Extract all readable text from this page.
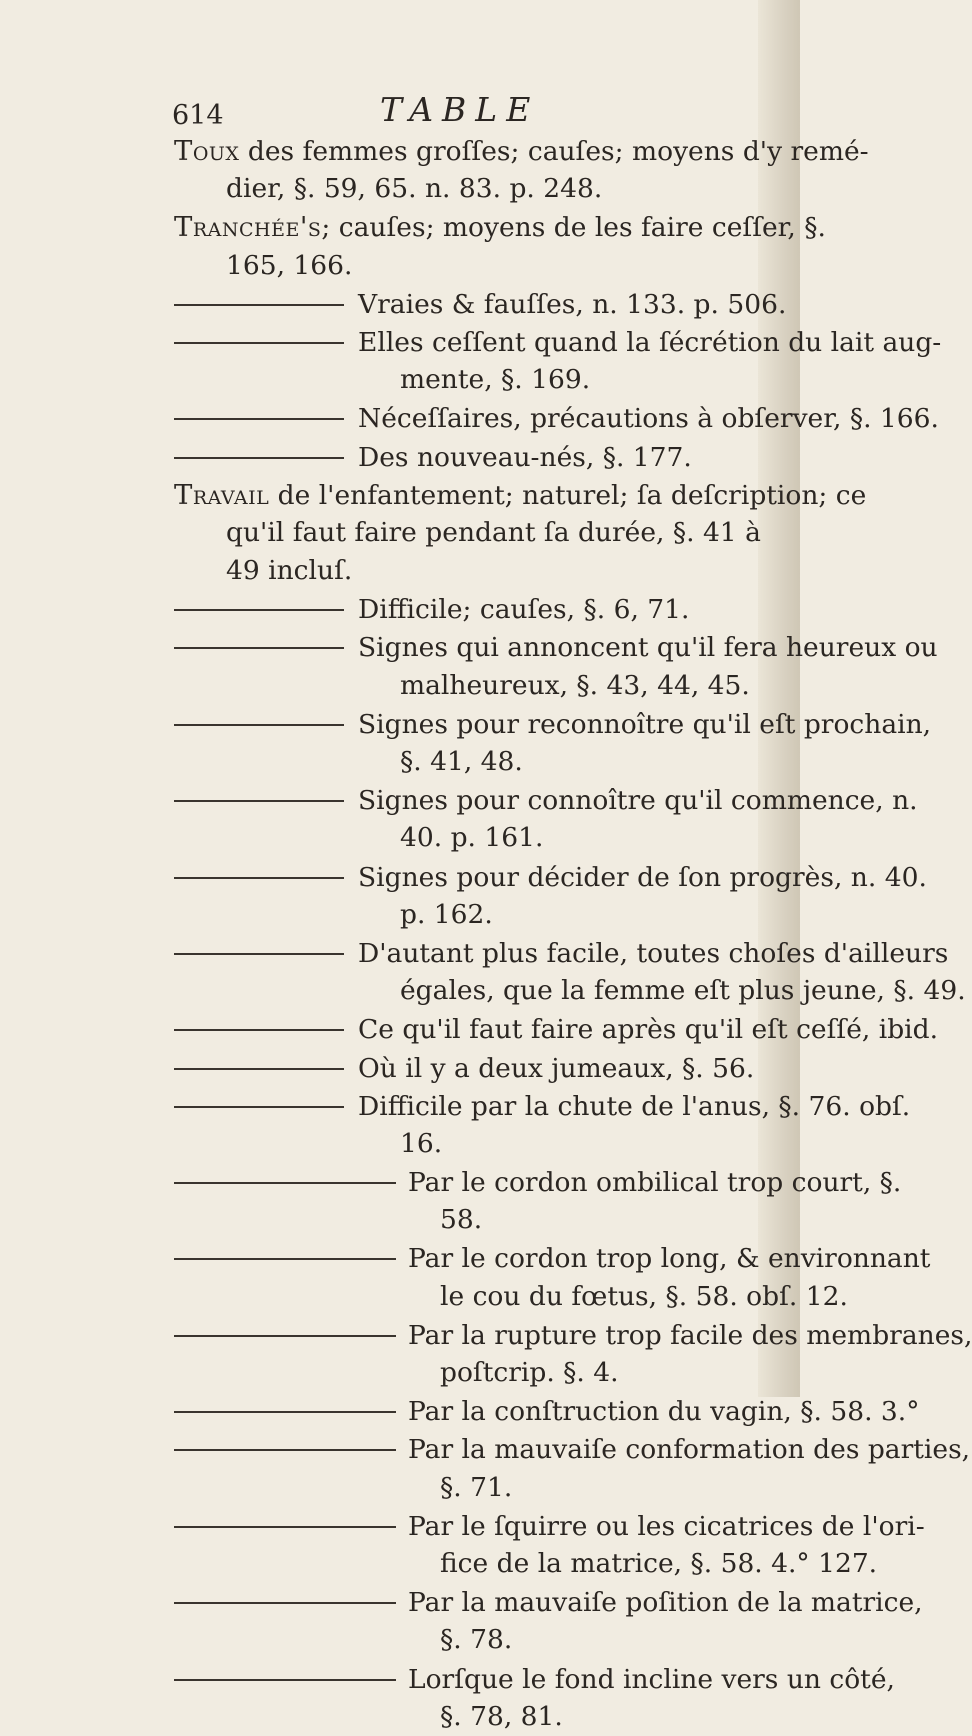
614	TABLE
Toux des femmes groſſes; cauſes; moyens d'y remé-
dier, §. 59, 65. n. 83. p. 248.
Tranchée's; cauſes; moyens de les faire ceſſer, §.
165, 166.
Vraies & fauſſes, n. 133. p. 506.
Elles ceſſent quand la ſécrétion du lait aug-
mente, §. 169.
Néceſſaires, précautions à obſerver, §. 166.
Des nouveau-nés, §. 177.
Travail de l'enfantement; naturel; ſa deſcription; ce
qu'il faut faire pendant ſa durée, §. 41 à
49 incluſ.
Difficile; cauſes, §. 6, 71.
Signes qui annoncent qu'il fera heureux ou
malheureux, §. 43, 44, 45.
Signes pour reconnoître qu'il eſt prochain,
§. 41, 48.
Signes pour connoître qu'il commence, n.
40. p. 161.
Signes pour décider de ſon progrès, n. 40.
p. 162.
D'autant plus facile, toutes choſes d'ailleurs
égales, que la femme eſt plus jeune, §. 49.
Ce qu'il faut faire après qu'il eſt ceſſé, ibid.
Où il y a deux jumeaux, §. 56.
Difficile par la chute de l'anus, §. 76. obſ.
16.
Par le cordon ombilical trop court, §.
58.
Par le cordon trop long, & environnant
le cou du fœtus, §. 58. obſ. 12.
Par la rupture trop facile des membranes,
poſtcrip. §. 4.
Par la conſtruction du vagin, §. 58. 3.°
Par la mauvaiſe conformation des parties,
§. 71.
Par le ſquirre ou les cicatrices de l'ori-
fice de la matrice, §. 58. 4.° 127.
Par la mauvaiſe poſition de la matrice,
§. 78.
Lorſque le fond incline vers un côté,
§. 78, 81.
